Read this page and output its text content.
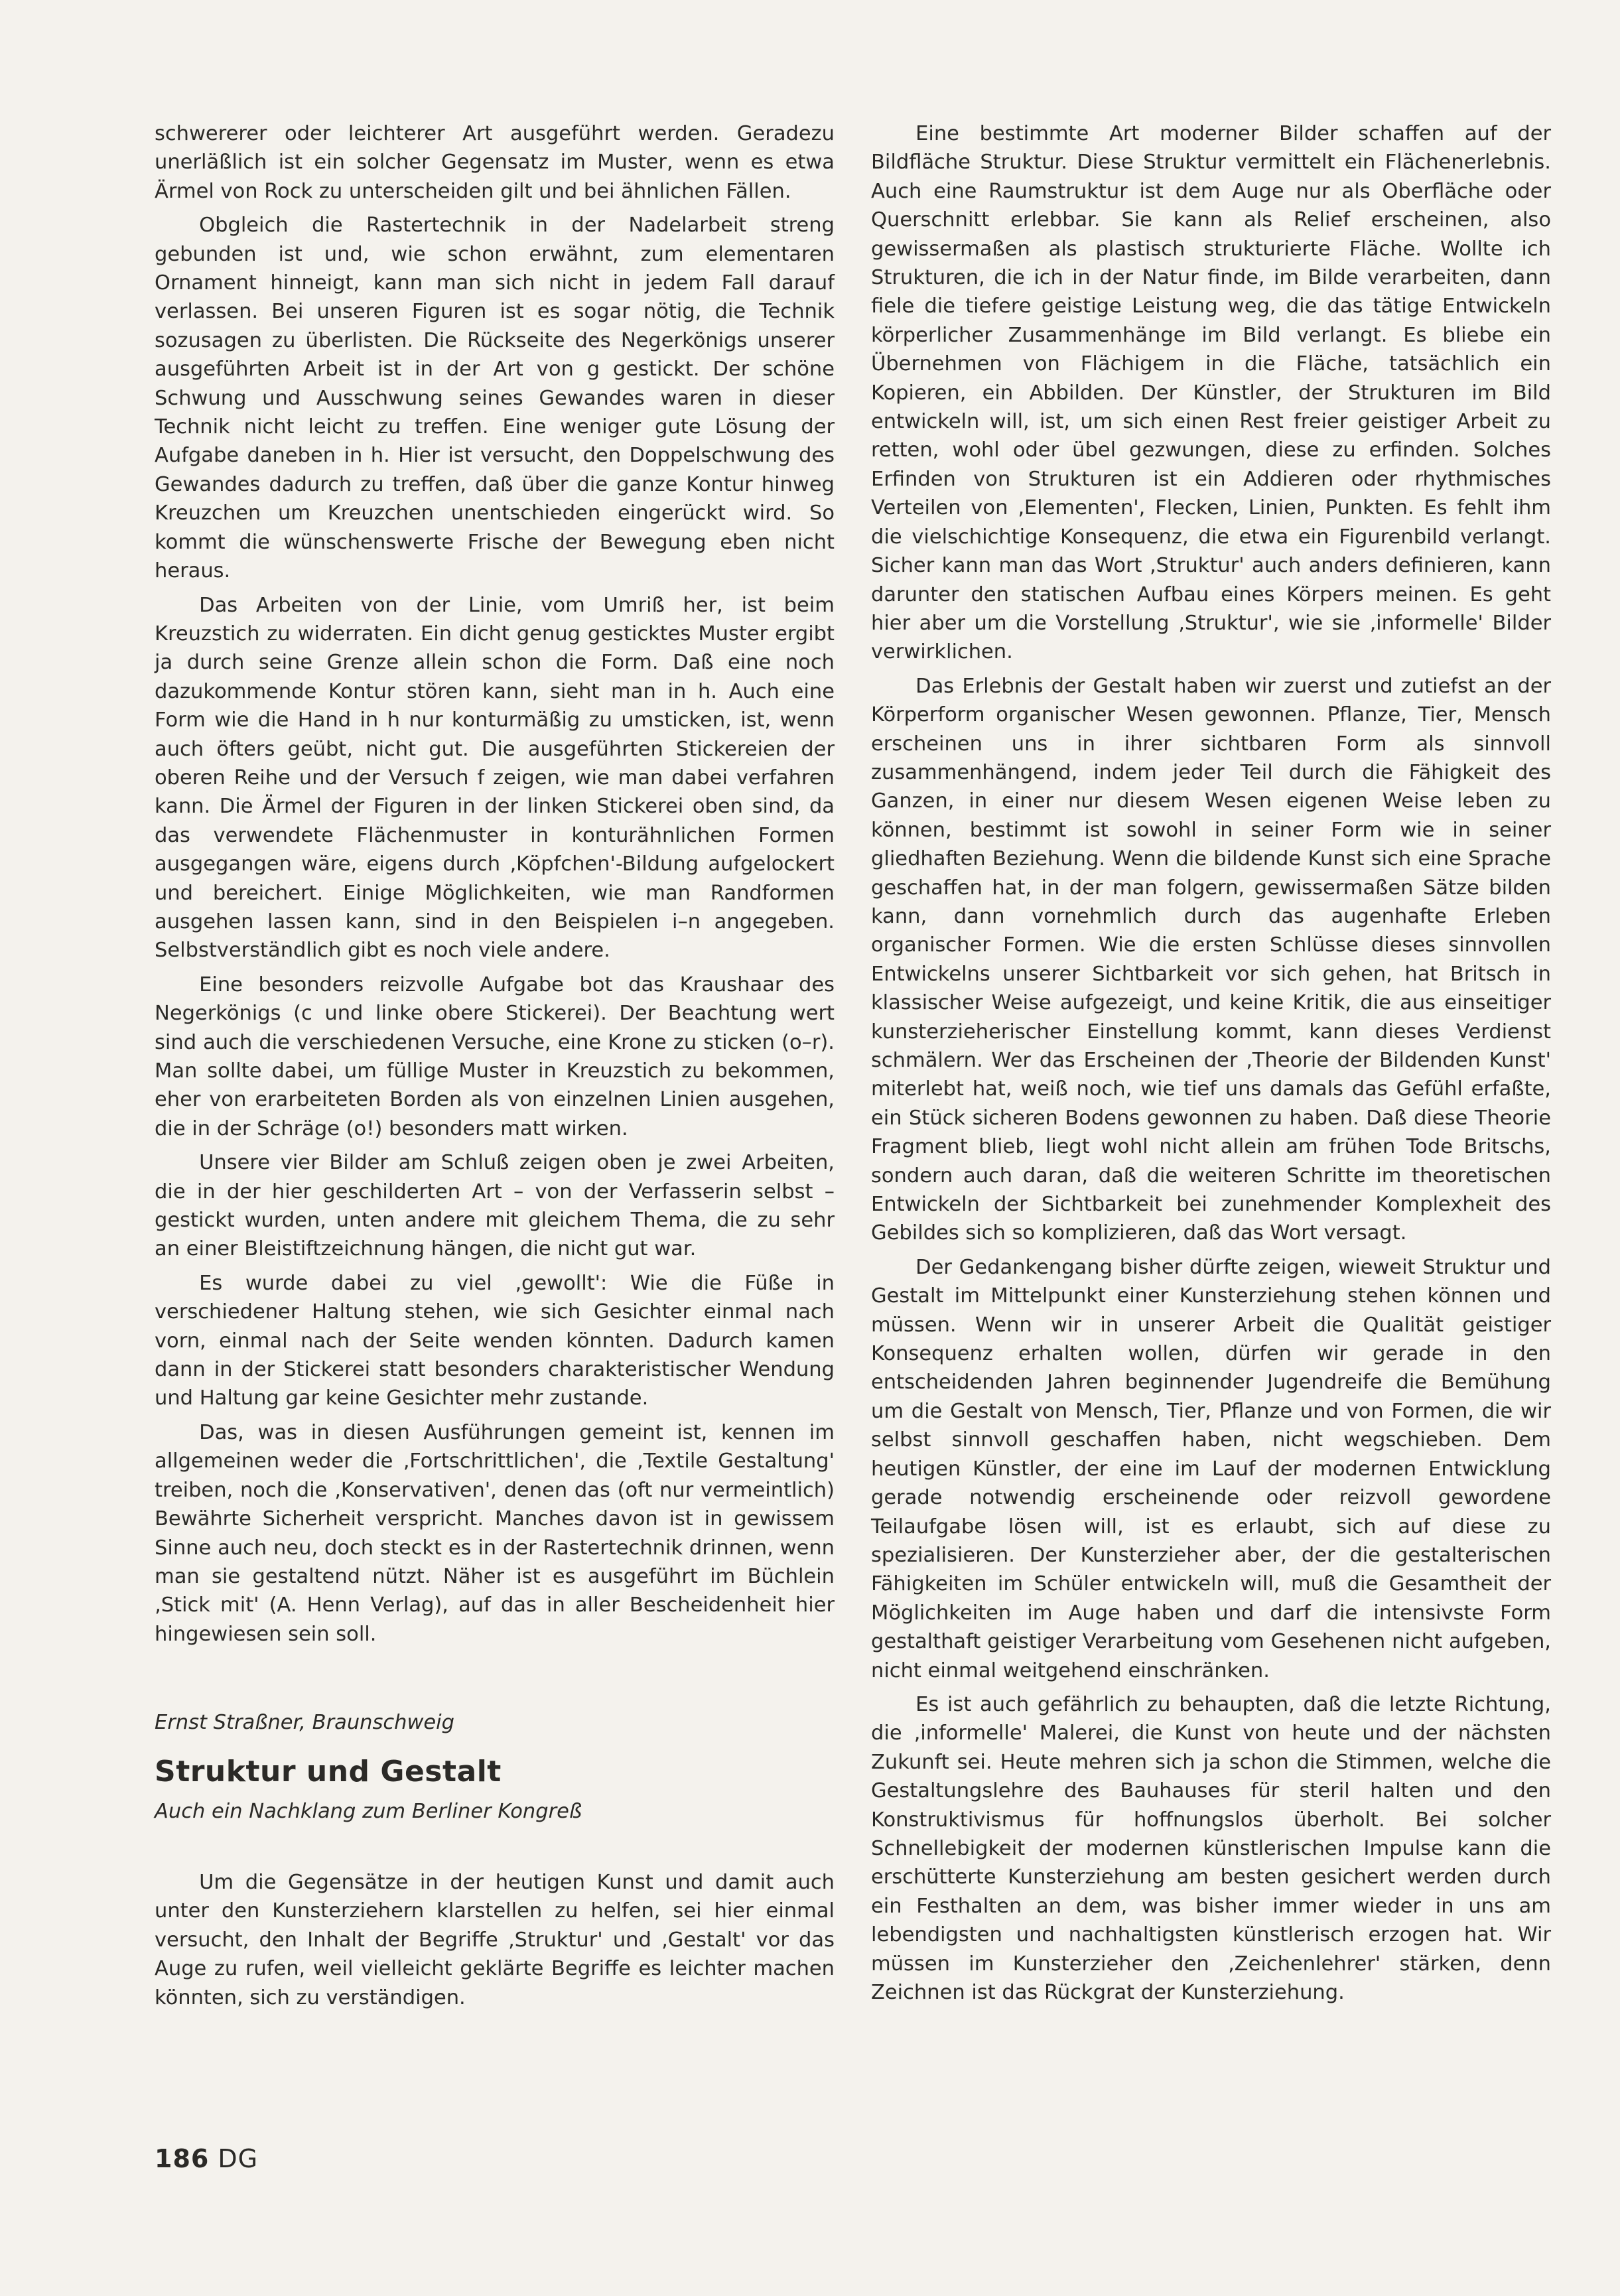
schwererer oder leichterer Art ausgeführt werden. Geradezu unerläßlich ist ein solcher Gegensatz im Muster, wenn es etwa Ärmel von Rock zu unterscheiden gilt und bei ähnlichen Fällen.

Obgleich die Rastertechnik in der Nadelarbeit streng gebunden ist und, wie schon erwähnt, zum elementaren Ornament hinneigt, kann man sich nicht in jedem Fall darauf verlassen. Bei unseren Figuren ist es sogar nötig, die Technik sozusagen zu überlisten. Die Rückseite des Negerkönigs unserer ausgeführten Arbeit ist in der Art von g gestickt. Der schöne Schwung und Ausschwung seines Gewandes waren in dieser Technik nicht leicht zu treffen. Eine weniger gute Lösung der Aufgabe daneben in h. Hier ist versucht, den Doppelschwung des Gewandes dadurch zu treffen, daß über die ganze Kontur hinweg Kreuzchen um Kreuzchen unentschieden eingerückt wird. So kommt die wünschenswerte Frische der Bewegung eben nicht heraus.

Das Arbeiten von der Linie, vom Umriß her, ist beim Kreuzstich zu widerraten. Ein dicht genug gesticktes Muster ergibt ja durch seine Grenze allein schon die Form. Daß eine noch dazukommende Kontur stören kann, sieht man in h. Auch eine Form wie die Hand in h nur konturmäßig zu umsticken, ist, wenn auch öfters geübt, nicht gut. Die ausgeführten Stickereien der oberen Reihe und der Versuch f zeigen, wie man dabei verfahren kann. Die Ärmel der Figuren in der linken Stickerei oben sind, da das verwendete Flächenmuster in konturähnlichen Formen ausgegangen wäre, eigens durch ‚Köpfchen'-Bildung aufgelockert und bereichert. Einige Möglichkeiten, wie man Randformen ausgehen lassen kann, sind in den Beispielen i–n angegeben. Selbstverständlich gibt es noch viele andere.

Eine besonders reizvolle Aufgabe bot das Kraushaar des Negerkönigs (c und linke obere Stickerei). Der Beachtung wert sind auch die verschiedenen Versuche, eine Krone zu sticken (o–r). Man sollte dabei, um füllige Muster in Kreuzstich zu bekommen, eher von erarbeiteten Borden als von einzelnen Linien ausgehen, die in der Schräge (o!) besonders matt wirken.

Unsere vier Bilder am Schluß zeigen oben je zwei Arbeiten, die in der hier geschilderten Art – von der Verfasserin selbst – gestickt wurden, unten andere mit gleichem Thema, die zu sehr an einer Bleistiftzeichnung hängen, die nicht gut war.

Es wurde dabei zu viel ‚gewollt': Wie die Füße in verschiedener Haltung stehen, wie sich Gesichter einmal nach vorn, einmal nach der Seite wenden könnten. Dadurch kamen dann in der Stickerei statt besonders charakteristischer Wendung und Haltung gar keine Gesichter mehr zustande.

Das, was in diesen Ausführungen gemeint ist, kennen im allgemeinen weder die ‚Fortschrittlichen', die ‚Textile Gestaltung' treiben, noch die ‚Konservativen', denen das (oft nur vermeintlich) Bewährte Sicherheit verspricht. Manches davon ist in gewissem Sinne auch neu, doch steckt es in der Rastertechnik drinnen, wenn man sie gestaltend nützt. Näher ist es ausgeführt im Büchlein ‚Stick mit' (A. Henn Verlag), auf das in aller Bescheidenheit hier hingewiesen sein soll.

Ernst Straßner, Braunschweig
Struktur und Gestalt
Auch ein Nachklang zum Berliner Kongreß

Um die Gegensätze in der heutigen Kunst und damit auch unter den Kunsterziehern klarstellen zu helfen, sei hier einmal versucht, den Inhalt der Begriffe ‚Struktur' und ‚Gestalt' vor das Auge zu rufen, weil vielleicht geklärte Begriffe es leichter machen könnten, sich zu verständigen.

Eine bestimmte Art moderner Bilder schaffen auf der Bildfläche Struktur. Diese Struktur vermittelt ein Flächenerlebnis. Auch eine Raumstruktur ist dem Auge nur als Oberfläche oder Querschnitt erlebbar. Sie kann als Relief erscheinen, also gewissermaßen als plastisch strukturierte Fläche. Wollte ich Strukturen, die ich in der Natur finde, im Bilde verarbeiten, dann fiele die tiefere geistige Leistung weg, die das tätige Entwickeln körperlicher Zusammenhänge im Bild verlangt. Es bliebe ein Übernehmen von Flächigem in die Fläche, tatsächlich ein Kopieren, ein Abbilden. Der Künstler, der Strukturen im Bild entwickeln will, ist, um sich einen Rest freier geistiger Arbeit zu retten, wohl oder übel gezwungen, diese zu erfinden. Solches Erfinden von Strukturen ist ein Addieren oder rhythmisches Verteilen von ‚Elementen', Flecken, Linien, Punkten. Es fehlt ihm die vielschichtige Konsequenz, die etwa ein Figurenbild verlangt. Sicher kann man das Wort ‚Struktur' auch anders definieren, kann darunter den statischen Aufbau eines Körpers meinen. Es geht hier aber um die Vorstellung ‚Struktur', wie sie ‚informelle' Bilder verwirklichen.

Das Erlebnis der Gestalt haben wir zuerst und zutiefst an der Körperform organischer Wesen gewonnen. Pflanze, Tier, Mensch erscheinen uns in ihrer sichtbaren Form als sinnvoll zusammenhängend, indem jeder Teil durch die Fähigkeit des Ganzen, in einer nur diesem Wesen eigenen Weise leben zu können, bestimmt ist sowohl in seiner Form wie in seiner gliedhaften Beziehung. Wenn die bildende Kunst sich eine Sprache geschaffen hat, in der man folgern, gewissermaßen Sätze bilden kann, dann vornehmlich durch das augenhafte Erleben organischer Formen. Wie die ersten Schlüsse dieses sinnvollen Entwickelns unserer Sichtbarkeit vor sich gehen, hat Britsch in klassischer Weise aufgezeigt, und keine Kritik, die aus einseitiger kunsterzieherischer Einstellung kommt, kann dieses Verdienst schmälern. Wer das Erscheinen der ‚Theorie der Bildenden Kunst' miterlebt hat, weiß noch, wie tief uns damals das Gefühl erfaßte, ein Stück sicheren Bodens gewonnen zu haben. Daß diese Theorie Fragment blieb, liegt wohl nicht allein am frühen Tode Britschs, sondern auch daran, daß die weiteren Schritte im theoretischen Entwickeln der Sichtbarkeit bei zunehmender Komplexheit des Gebildes sich so komplizieren, daß das Wort versagt.

Der Gedankengang bisher dürfte zeigen, wieweit Struktur und Gestalt im Mittelpunkt einer Kunsterziehung stehen können und müssen. Wenn wir in unserer Arbeit die Qualität geistiger Konsequenz erhalten wollen, dürfen wir gerade in den entscheidenden Jahren beginnender Jugendreife die Bemühung um die Gestalt von Mensch, Tier, Pflanze und von Formen, die wir selbst sinnvoll geschaffen haben, nicht wegschieben. Dem heutigen Künstler, der eine im Lauf der modernen Entwicklung gerade notwendig erscheinende oder reizvoll gewordene Teilaufgabe lösen will, ist es erlaubt, sich auf diese zu spezialisieren. Der Kunsterzieher aber, der die gestalterischen Fähigkeiten im Schüler entwickeln will, muß die Gesamtheit der Möglichkeiten im Auge haben und darf die intensivste Form gestalthaft geistiger Verarbeitung vom Gesehenen nicht aufgeben, nicht einmal weitgehend einschränken.

Es ist auch gefährlich zu behaupten, daß die letzte Richtung, die ‚informelle' Malerei, die Kunst von heute und der nächsten Zukunft sei. Heute mehren sich ja schon die Stimmen, welche die Gestaltungslehre des Bauhauses für steril halten und den Konstruktivismus für hoffnungslos überholt. Bei solcher Schnellebigkeit der modernen künstlerischen Impulse kann die erschütterte Kunsterziehung am besten gesichert werden durch ein Festhalten an dem, was bisher immer wieder in uns am lebendigsten und nachhaltigsten künstlerisch erzogen hat. Wir müssen im Kunsterzieher den ‚Zeichenlehrer' stärken, denn Zeichnen ist das Rückgrat der Kunsterziehung.

186 DG
